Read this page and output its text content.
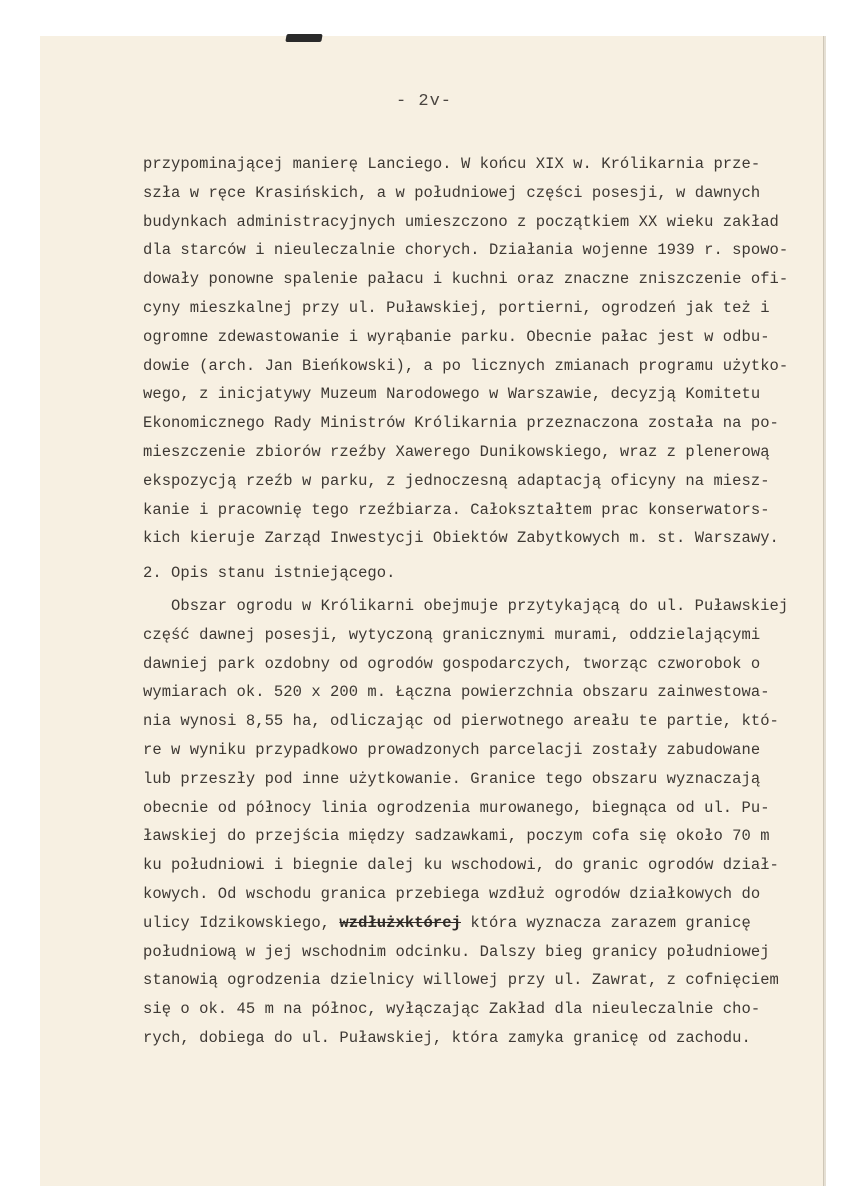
- 2v-
przypominającej manierę Lanciego. W końcu XIX w. Królikarnia prze-
szła w ręce Krasińskich, a w południowej części posesji, w dawnych
budynkach administracyjnych umieszczono z początkiem XX wieku zakład
dla starców i nieuleczalnie chorych. Działania wojenne 1939 r. spowo-
dowały ponowne spalenie pałacu i kuchni oraz znaczne zniszczenie ofi-
cyny mieszkalnej przy ul. Puławskiej, portierni, ogrodzeń jak też i
ogromne zdewastowanie i wyrąbanie parku. Obecnie pałac jest w odbu-
dowie (arch. Jan Bieńkowski), a po licznych zmianach programu użytko-
wego, z inicjatywy Muzeum Narodowego w Warszawie, decyzją Komitetu
Ekonomicznego Rady Ministrów Królikarnia przeznaczona została na po-
mieszczenie zbiorów rzeźby Xawerego Dunikowskiego, wraz z plenerową
ekspozycją rzeźb w parku, z jednoczesną adaptacją oficyny na miesz-
kanie i pracownię tego rzeźbiarza. Całokształtem prac konserwators-
kich kieruje Zarząd Inwestycji Obiektów Zabytkowych m. st. Warszawy.
2. Opis stanu istniejącego.
Obszar ogrodu w Królikarni obejmuje przytykającą do ul. Puławskiej
część dawnej posesji, wytyczoną granicznymi murami, oddzielającymi
dawniej park ozdobny od ogrodów gospodarczych, tworząc czworobok o
wymiarach ok. 520 x 200 m. Łączna powierzchnia obszaru zainwestowa-
nia wynosi 8,55 ha, odliczając od pierwotnego areału te partie, któ-
re w wyniku przypadkowo prowadzonych parcelacji zostały zabudowane
lub przeszły pod inne użytkowanie. Granice tego obszaru wyznaczają
obecnie od północy linia ogrodzenia murowanego, biegnąca od ul. Pu-
ławskiej do przejścia między sadzawkami, poczym cofa się około 70 m
ku południowi i biegnie dalej ku wschodowi, do granic ogrodów dział-
kowych. Od wschodu granica przebiega wzdłuż ogrodów działkowych do
ulicy Idzikowskiego, wzdłużxktórej która wyznacza zarazem granicę
południową w jej wschodnim odcinku. Dalszy bieg granicy południowej
stanowią ogrodzenia dzielnicy willowej przy ul. Zawrat, z cofnięciem
się o ok. 45 m na północ, wyłączając Zakład dla nieuleczalnie cho-
rych, dobiega do ul. Puławskiej, która zamyka granicę od zachodu.
